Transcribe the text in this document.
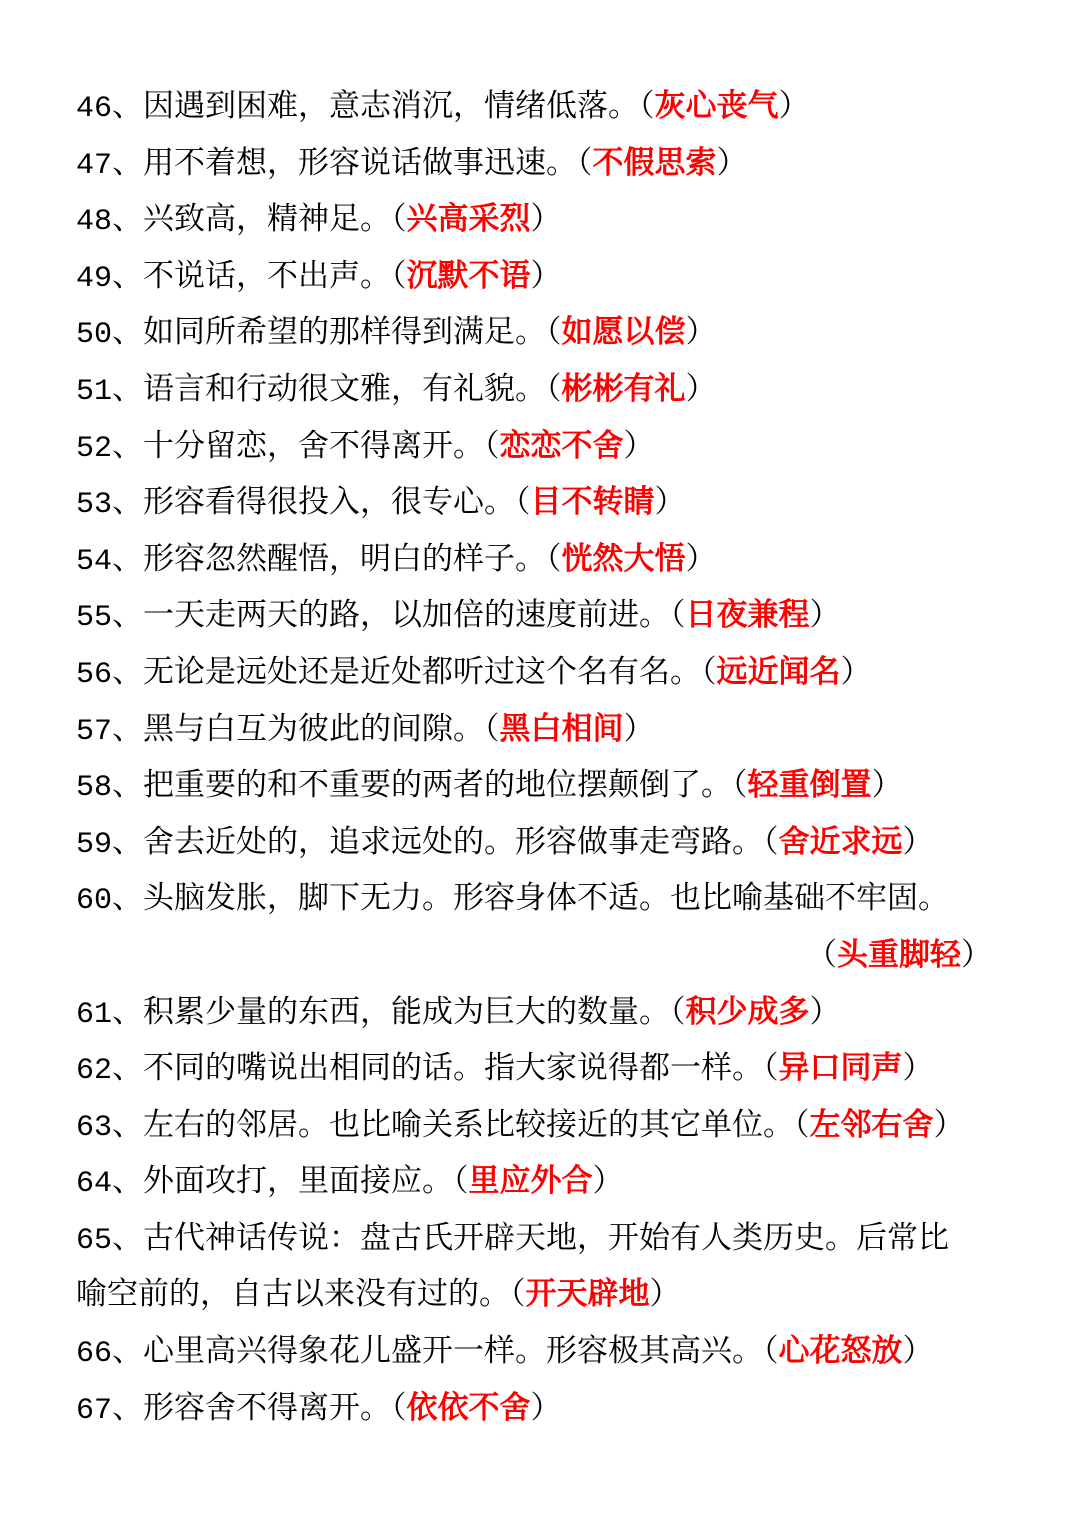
46、因遇到困难，意志消沉，情绪低落。（灰心丧气）
47、用不着想，形容说话做事迅速。（不假思索）
48、兴致高，精神足。（兴高采烈）
49、不说话，不出声。（沉默不语）
50、如同所希望的那样得到满足。（如愿以偿）
51、语言和行动很文雅，有礼貌。（彬彬有礼）
52、十分留恋，舍不得离开。（恋恋不舍）
53、形容看得很投入，很专心。（目不转睛）
54、形容忽然醒悟，明白的样子。（恍然大悟）
55、一天走两天的路，以加倍的速度前进。（日夜兼程）
56、无论是远处还是近处都听过这个名有名。（远近闻名）
57、黑与白互为彼此的间隙。（黑白相间）
58、把重要的和不重要的两者的地位摆颠倒了。（轻重倒置）
59、舍去近处的，追求远处的。形容做事走弯路。（舍近求远）
60、头脑发胀，脚下无力。形容身体不适。也比喻基础不牢固。
（头重脚轻）
61、积累少量的东西，能成为巨大的数量。（积少成多）
62、不同的嘴说出相同的话。指大家说得都一样。（异口同声）
63、左右的邻居。也比喻关系比较接近的其它单位。（左邻右舍）
64、外面攻打，里面接应。（里应外合）
65、古代神话传说：盘古氏开辟天地，开始有人类历史。后常比
喻空前的，自古以来没有过的。（开天辟地）
66、心里高兴得象花儿盛开一样。形容极其高兴。（心花怒放）
67、形容舍不得离开。（依依不舍）
